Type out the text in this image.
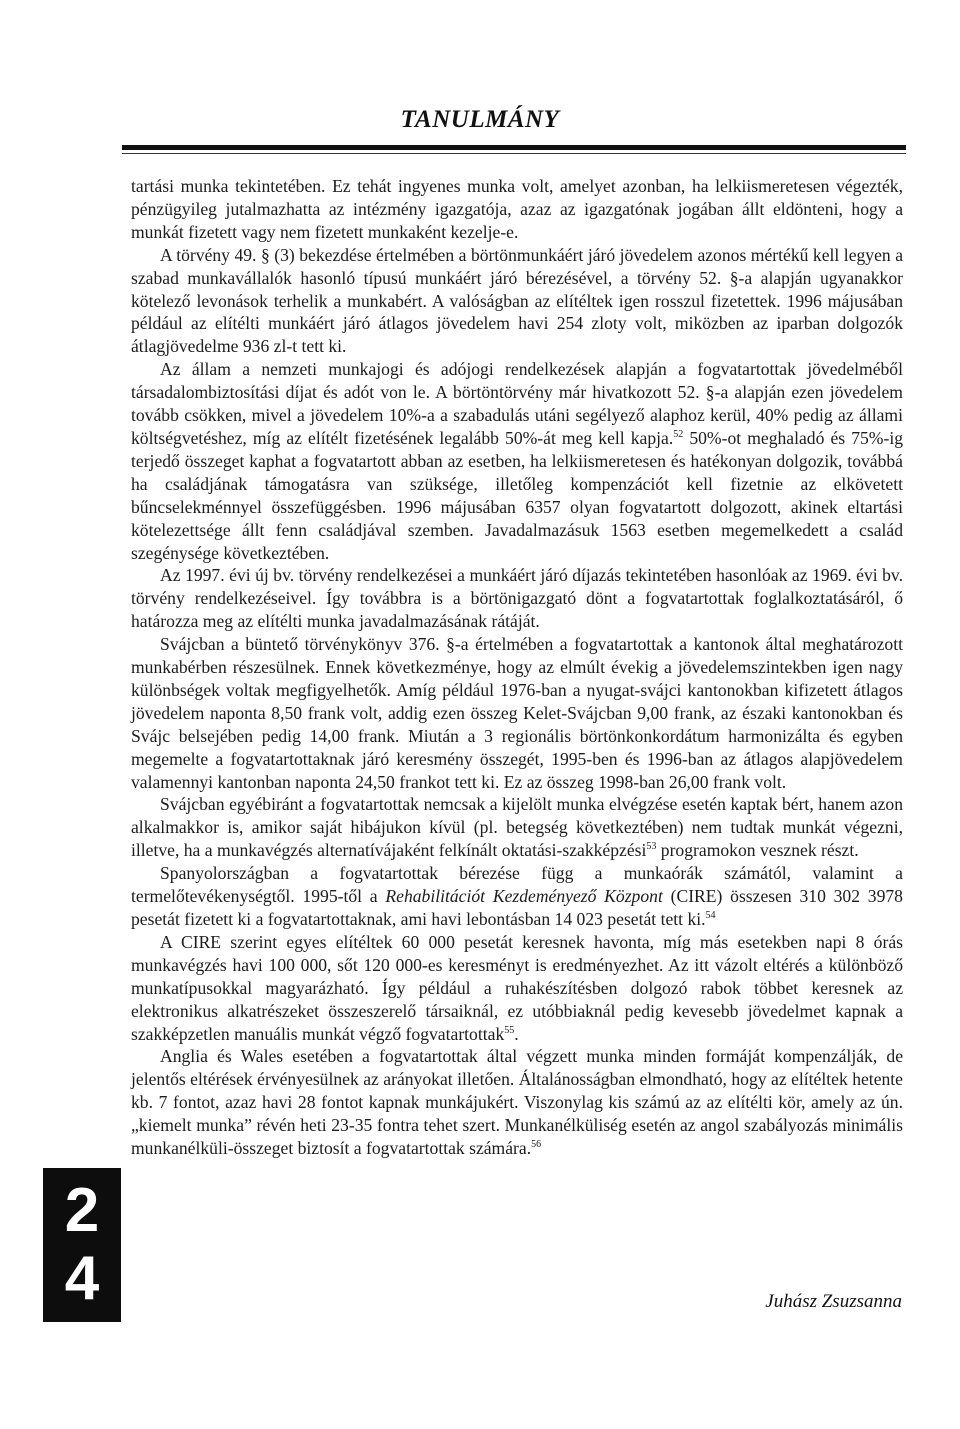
TANULMÁNY

tartási munka tekintetében. Ez tehát ingyenes munka volt, amelyet azonban, ha lelkiismeretesen végezték, pénzügyileg jutalmazhatta az intézmény igazgatója, azaz az igazgatónak jogában állt eldönteni, hogy a munkát fizetett vagy nem fizetett munkaként kezelje-e.

A törvény 49. § (3) bekezdése értelmében a börtönmunkáért járó jövedelem azonos mértékű kell legyen a szabad munkavállalók hasonló típusú munkáért járó bérezésével, a törvény 52. §-a alapján ugyanakkor kötelező levonások terhelik a munkabért. A valóságban az elítéltek igen rosszul fizetettek. 1996 májusában például az elítélti munkáért járó átlagos jövedelem havi 254 zloty volt, miközben az iparban dolgozók átlagjövedelme 936 zl-t tett ki.

Az állam a nemzeti munkajogi és adójogi rendelkezések alapján a fogvatartottak jövedelméből társadalombiztosítási díjat és adót von le. A börtöntörvény már hivatkozott 52. §-a alapján ezen jövedelem tovább csökken, mivel a jövedelem 10%-a a szabadulás utáni segélyező alaphoz kerül, 40% pedig az állami költségvetéshez, míg az elítélt fizetésének legalább 50%-át meg kell kapja.$^{52}$ 50%-ot meghaladó és 75%-ig terjedő összeget kaphat a fogvatartott abban az esetben, ha lelkiismeretesen és hatékonyan dolgozik, továbbá ha családjának támogatásra van szüksége, illetőleg kompenzációt kell fizetnie az elkövetett bűncselekménnyel összefüggésben. 1996 májusában 6357 olyan fogvatartott dolgozott, akinek eltartási kötelezettsége állt fenn családjával szemben. Javadalmazásuk 1563 esetben megemelkedett a család szegénysége következtében.

Az 1997. évi új bv. törvény rendelkezései a munkáért járó díjazás tekintetében hasonlóak az 1969. évi bv. törvény rendelkezéseivel. Így továbbra is a börtönigazgató dönt a fogvatartottak foglalkoztatásáról, ő határozza meg az elítélti munka javadalmazásának rátáját.

Svájcban a büntető törvénykönyv 376. §-a értelmében a fogvatartottak a kantonok által meghatározott munkabérben részesülnek. Ennek következménye, hogy az elmúlt évekig a jövedelemszintekben igen nagy különbségek voltak megfigyelhetők. Amíg például 1976-ban a nyugat-svájci kantonokban kifizetett átlagos jövedelem naponta 8,50 frank volt, addig ezen összeg Kelet-Svájcban 9,00 frank, az északi kantonokban és Svájc belsejében pedig 14,00 frank. Miután a 3 regionális börtönkonkordátum harmonizálta és egyben megemelte a fogvatartottaknak járó keresmény összegét, 1995-ben és 1996-ban az átlagos alapjövedelem valamennyi kantonban naponta 24,50 frankot tett ki. Ez az összeg 1998-ban 26,00 frank volt.

Svájcban egyébiránt a fogvatartottak nemcsak a kijelölt munka elvégzése esetén kaptak bért, hanem azon alkalmakkor is, amikor saját hibájukon kívül (pl. betegség következtében) nem tudtak munkát végezni, illetve, ha a munkavégzés alternatívájaként felkínált oktatási-szakképzési$^{53}$ programokon vesznek részt.

Spanyolországban a fogvatartottak bérezése függ a munkaórák számától, valamint a termelőtevékenységtől. 1995-től a Rehabilitációt Kezdeményező Központ (CIRE) összesen 310 302 3978 pesetát fizetett ki a fogvatartottaknak, ami havi lebontásban 14 023 pesetát tett ki.$^{54}$

A CIRE szerint egyes elítéltek 60 000 pesetát keresnek havonta, míg más esetekben napi 8 órás munkavégzés havi 100 000, sőt 120 000-es keresményt is eredményezhet. Az itt vázolt eltérés a különböző munkatípusokkal magyarázható. Így például a ruhakészítésben dolgozó rabok többet keresnek az elektronikus alkatrészeket összeszerelő társaiknál, ez utóbbiaknál pedig kevesebb jövedelmet kapnak a szakképzetlen manuális munkát végző fogvatartottak$^{55}$.

Anglia és Wales esetében a fogvatartottak által végzett munka minden formáját kompenzálják, de jelentős eltérések érvényesülnek az arányokat illetően. Általánosságban elmondható, hogy az elítéltek hetente kb. 7 fontot, azaz havi 28 fontot kapnak munkájukért. Viszonylag kis számú az az elítélti kör, amely az ún. „kiemelt munka” révén heti 23-35 fontra tehet szert. Munkanélküliség esetén az angol szabályozás minimális munkanélküli-összeget biztosít a fogvatartottak számára.$^{56}$

Juhász Zsuzsanna
2
4
